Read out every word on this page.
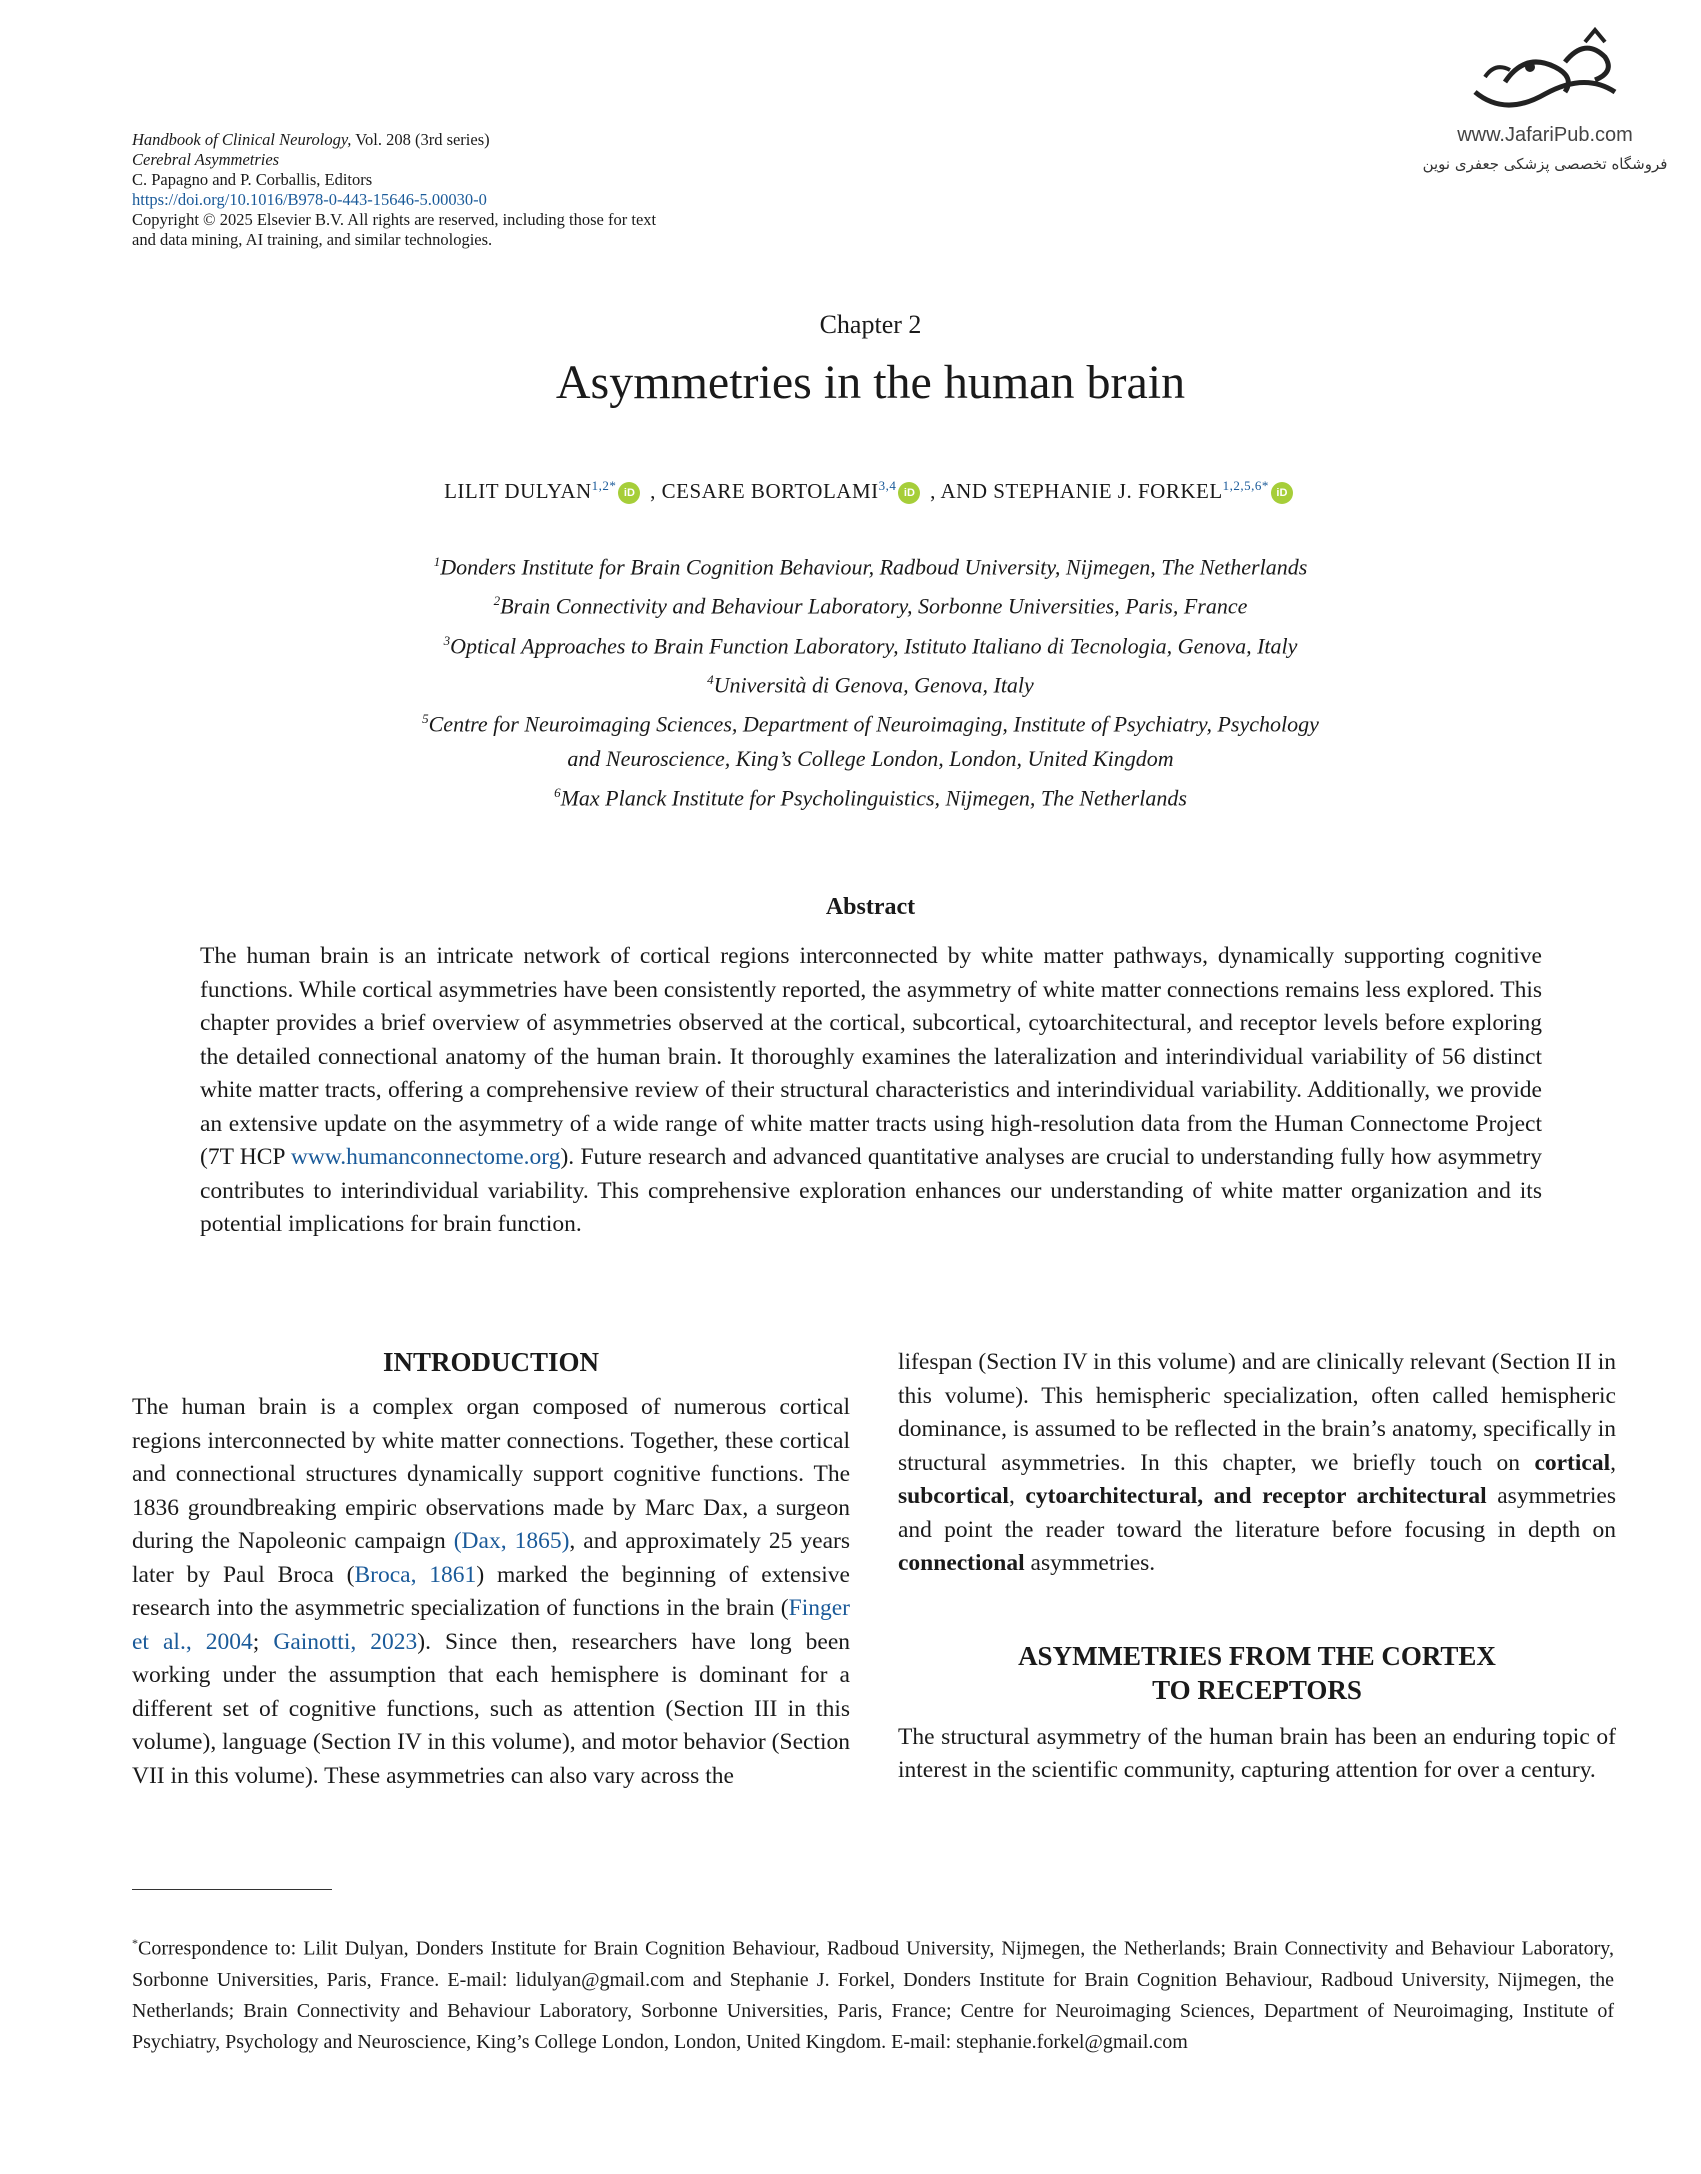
Handbook of Clinical Neurology, Vol. 208 (3rd series)
Cerebral Asymmetries
C. Papagno and P. Corballis, Editors
https://doi.org/10.1016/B978-0-443-15646-5.00030-0
Copyright © 2025 Elsevier B.V. All rights are reserved, including those for text
and data mining, AI training, and similar technologies.
www.JafariPub.com
فروشگاه تخصصی پزشکی جعفری نوین
Chapter 2
Asymmetries in the human brain
LILIT $DULYAN^{1,2*}iD$ , CESARE BORTOLAMI$^{3,4}$iD , AND STEPHANIE J. $FORKEL^{1,2,5,6*}iD$
$^1$Donders Institute for Brain Cognition Behaviour, Radboud University, Nijmegen, The Netherlands
$^2$Brain Connectivity and Behaviour Laboratory, Sorbonne Universities, Paris, France
$^3$Optical Approaches to Brain Function Laboratory, Istituto Italiano di Tecnologia, Genova, Italy
$^4$Università di Genova, Genova, Italy
$^5$Centre for Neuroimaging Sciences, Department of Neuroimaging, Institute of Psychiatry, Psychology
and Neuroscience, King’s College London, London, United Kingdom
$^6$Max Planck Institute for Psycholinguistics, Nijmegen, The Netherlands
Abstract

The human brain is an intricate network of cortical regions interconnected by white matter pathways, dynamically supporting cognitive functions. While cortical asymmetries have been consistently reported, the asymmetry of white matter connections remains less explored. This chapter provides a brief overview of asymmetries observed at the cortical, subcortical, cytoarchitectural, and receptor levels before exploring the detailed connectional anatomy of the human brain. It thoroughly examines the lateralization and interindividual variability of 56 distinct white matter tracts, offering a comprehensive review of their structural characteristics and interindividual variability. Additionally, we provide an extensive update on the asymmetry of a wide range of white matter tracts using high-resolution data from the Human Connectome Project (7T HCP www.humanconnectome.org). Future research and advanced quantitative analyses are crucial to understanding fully how asymmetry contributes to interindividual variability. This comprehensive exploration enhances our understanding of white matter organization and its potential implications for brain function.

INTRODUCTION

The human brain is a complex organ composed of numerous cortical regions interconnected by white matter connections. Together, these cortical and connectional structures dynamically support cognitive functions. The 1836 groundbreaking empiric observations made by Marc Dax, a surgeon during the Napoleonic campaign (Dax, 1865), and approximately 25 years later by Paul Broca (Broca, 1861) marked the beginning of extensive research into the asymmetric specialization of functions in the brain (Finger et al., 2004; Gainotti, 2023). Since then, researchers have long been working under the assumption that each hemisphere is dominant for a different set of cognitive functions, such as attention (Section III in this volume), language (Section IV in this volume), and motor behavior (Section VII in this volume). These asymmetries can also vary across the

lifespan (Section IV in this volume) and are clinically relevant (Section II in this volume). This hemispheric specialization, often called hemispheric dominance, is assumed to be reflected in the brain’s anatomy, specifically in structural asymmetries. In this chapter, we briefly touch on cortical, subcortical, cytoarchitectural, and receptor architectural asymmetries and point the reader toward the literature before focusing in depth on connectional asymmetries.

ASYMMETRIES FROM THE CORTEX
TO RECEPTORS

The structural asymmetry of the human brain has been an enduring topic of interest in the scientific community, capturing attention for over a century.

*Correspondence to: Lilit Dulyan, Donders Institute for Brain Cognition Behaviour, Radboud University, Nijmegen, the Netherlands; Brain Connectivity and Behaviour Laboratory, Sorbonne Universities, Paris, France. E-mail: lidulyan@gmail.com and Stephanie J. Forkel, Donders Institute for Brain Cognition Behaviour, Radboud University, Nijmegen, the Netherlands; Brain Connectivity and Behaviour Laboratory, Sorbonne Universities, Paris, France; Centre for Neuroimaging Sciences, Department of Neuroimaging, Institute of Psychiatry, Psychology and Neuroscience, King’s College London, London, United Kingdom. E-mail: stephanie.forkel@gmail.com
